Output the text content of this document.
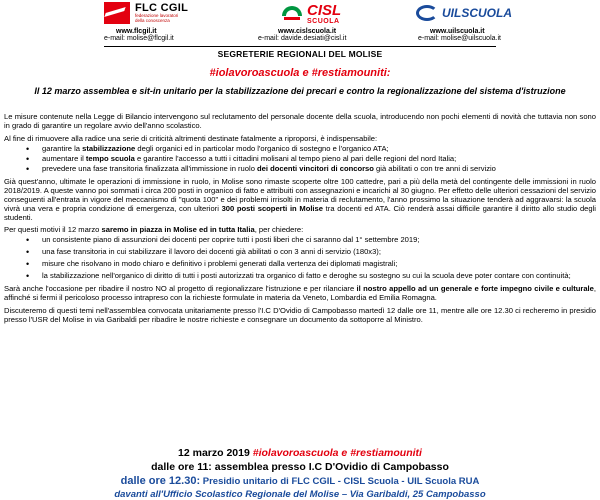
FLC CGIL
federazione lavoratori della conoscenza
www.flcgil.it
e-mail: molise@flcgil.it
CISL
SCUOLA
www.cislscuola.it
e-mail: davide.desiati@cisl.it
UILSCUOLA
www.uilscuola.it
e-mail: molise@uilscuola.it
SEGRETERIE REGIONALI DEL MOLISE
#iolavoroascuola e #restiamouniti:
Il 12 marzo assemblea e sit-in unitario per la stabilizzazione dei precari e contro la regionalizzazione del sistema d'istruzione

Le misure contenute nella Legge di Bilancio intervengono sul reclutamento del personale docente della scuola, introducendo non pochi elementi di novità che tuttavia non sono in grado di garantire un regolare avvio dell'anno scolastico.

Al fine di rimuovere alla radice una serie di criticità altrimenti destinate fatalmente a riproporsi, è indispensabile:

• garantire la stabilizzazione degli organici ed in particolar modo l'organico di sostegno e l'organico ATA;
• aumentare il tempo scuola e garantire l'accesso a tutti i cittadini molisani al tempo pieno al pari delle regioni del nord Italia;
• prevedere una fase transitoria finalizzata all'immissione in ruolo dei docenti vincitori di concorso già abilitati o con tre anni di servizio

Già quest'anno, ultimate le operazioni di immissione in ruolo, in Molise sono rimaste scoperte oltre 100 cattedre, pari a più della metà del contingente delle immissioni in ruolo 2018/2019. A queste vanno poi sommati i circa 200 posti in organico di fatto e attribuiti con assegnazioni e incarichi al 30 giugno. Per effetto delle ulteriori cessazioni del servizio conseguenti all'entrata in vigore del meccanismo di "quota 100" e dei problemi irrisolti in materia di reclutamento, l'anno prossimo la situazione tenderà ad aggravarsi: la scuola vivrà una vera e propria condizione di emergenza, con ulteriori 300 posti scoperti in Molise tra docenti ed ATA. Ciò renderà assai difficile garantire il diritto allo studio degli studenti.

Per questi motivi il 12 marzo saremo in piazza in Molise ed in tutta Italia, per chiedere:

• un consistente piano di assunzioni dei docenti per coprire tutti i posti liberi che ci saranno dal 1° settembre 2019;
• una fase transitoria in cui stabilizzare il lavoro dei docenti già abilitati o con 3 anni di servizio (180x3);
• misure che risolvano in modo chiaro e definitivo i problemi generati dalla vertenza dei diplomati magistrali;
• la stabilizzazione nell'organico di diritto di tutti i posti autorizzati tra organico di fatto e deroghe su sostegno su cui la scuola deve poter contare con continuità;

Sarà anche l'occasione per ribadire il nostro NO al progetto di regionalizzare l'istruzione e per rilanciare il nostro appello ad un generale e forte impegno civile e culturale, affinché si fermi il pericoloso processo intrapreso con la richieste formulate in materia da Veneto, Lombardia ed Emilia Romagna.

Discuteremo di questi temi nell'assemblea convocata unitariamente presso l'I.C D'Ovidio di Campobasso martedì 12 dalle ore 11, mentre alle ore 12.30 ci recheremo in presidio presso l'USR del Molise in via Garibaldi per ribadire le nostre richieste e consegnare un documento da sottoporre al Ministro.

12 marzo 2019 #iolavoroascuola e #restiamouniti
dalle ore 11: assemblea presso I.C D'Ovidio di Campobasso
dalle ore 12.30: Presidio unitario di FLC CGIL - CISL Scuola - UIL Scuola RUA
davanti all'Ufficio Scolastico Regionale del Molise – Via Garibaldi, 25 Campobasso
